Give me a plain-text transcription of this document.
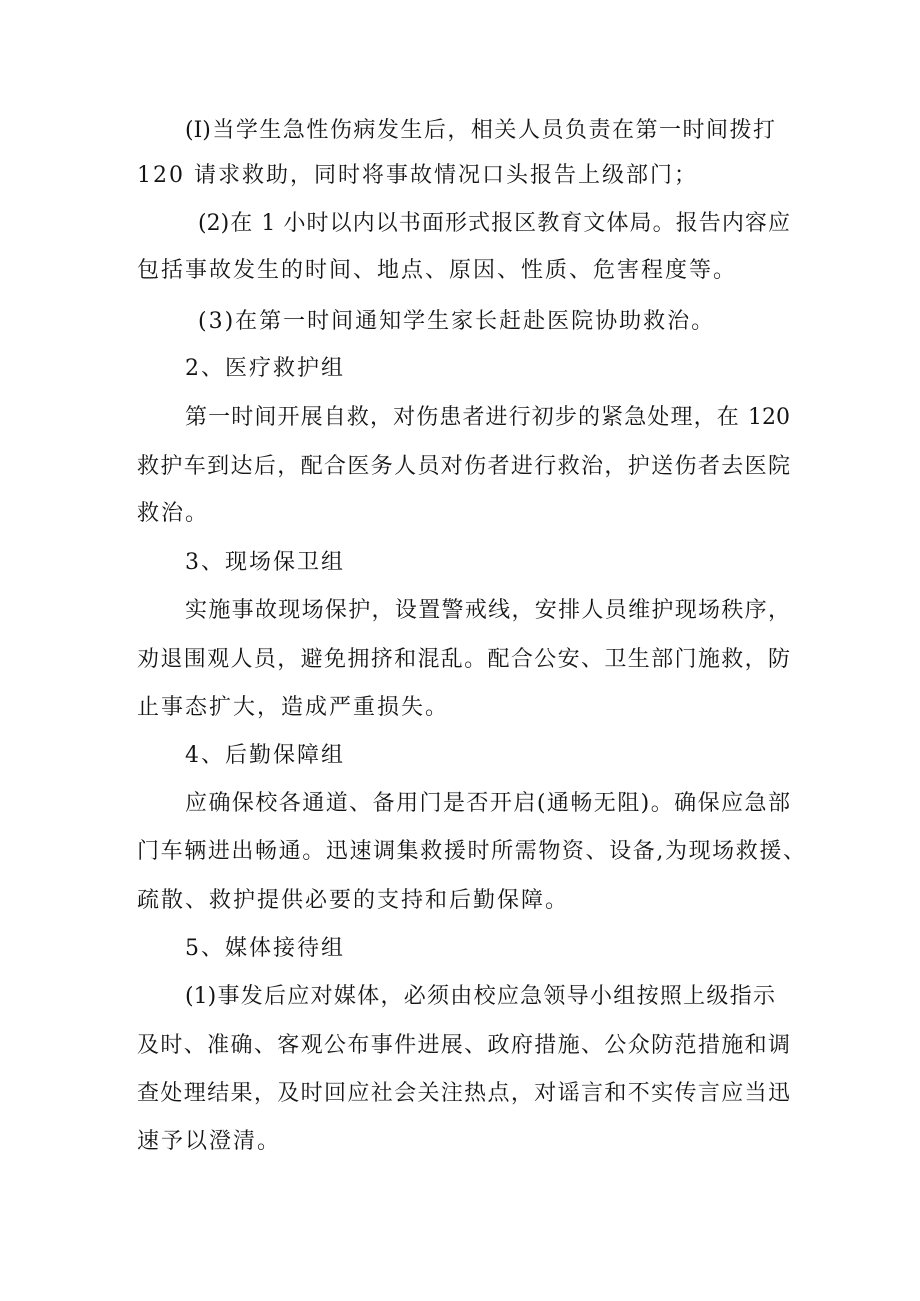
(I)当学生急性伤病发生后，相关人员负责在第一时间拨打
120 请求救助，同时将事故情况口头报告上级部门；
(2)在 1 小时以内以书面形式报区教育文体局。报告内容应
包括事故发生的时间、地点、原因、性质、危害程度等。
(3)在第一时间通知学生家长赶赴医院协助救治。
2、医疗救护组
第一时间开展自救，对伤患者进行初步的紧急处理，在 120
救护车到达后，配合医务人员对伤者进行救治，护送伤者去医院
救治。
3、现场保卫组
实施事故现场保护，设置警戒线，安排人员维护现场秩序，
劝退围观人员，避免拥挤和混乱。配合公安、卫生部门施救，防
止事态扩大，造成严重损失。
4、后勤保障组
应确保校各通道、备用门是否开启(通畅无阻)。确保应急部
门车辆进出畅通。迅速调集救援时所需物资、设备,为现场救援、
疏散、救护提供必要的支持和后勤保障。
5、媒体接待组
(1)事发后应对媒体，必须由校应急领导小组按照上级指示
及时、准确、客观公布事件进展、政府措施、公众防范措施和调
查处理结果，及时回应社会关注热点，对谣言和不实传言应当迅
速予以澄清。
